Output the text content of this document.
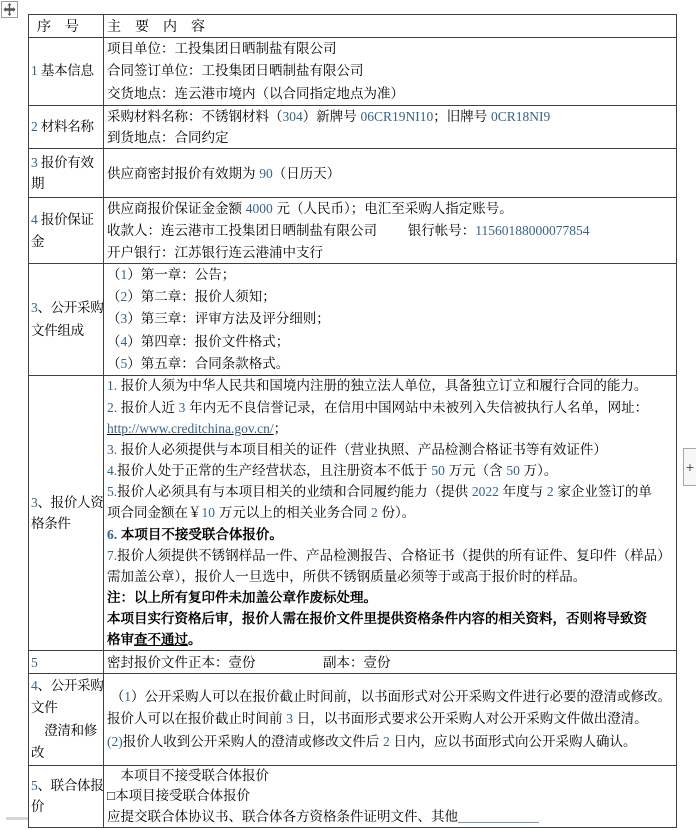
序　号	主　要　内　容
1 基本信息
项目单位：工投集团日晒制盐有限公司
合同签订单位：工投集团日晒制盐有限公司
交货地点：连云港市境内（以合同指定地点为准）
2 材料名称
采购材料名称：不锈钢材料（304）新牌号 06CR19NI10；旧牌号 0CR18NI9
到货地点：合同约定
3 报价有效
期
供应商密封报价有效期为 90（日历天）
4 报价保证
金
供应商报价保证金金额 4000 元（人民币）；电汇至采购人指定账号。
收款人：连云港市工投集团日晒制盐有限公司　　 银行帐号：11560188000077854
开户银行：江苏银行连云港浦中支行
3、公开采购
文件组成
（1）第一章：公告；
（2）第二章：报价人须知；
（3）第三章：评审方法及评分细则；
（4）第四章：报价文件格式；
（5）第五章：合同条款格式。
3、报价人资
格条件
1. 报价人须为中华人民共和国境内注册的独立法人单位，具备独立订立和履行合同的能力。
2. 报价人近 3 年内无不良信誉记录，在信用中国网站中未被列入失信被执行人名单，网址：
http://www.creditchina.gov.cn/；
3. 报价人必须提供与本项目相关的证件（营业执照、产品检测合格证书等有效证件）
4.报价人处于正常的生产经营状态，且注册资本不低于 50 万元（含 50 万）。
5.报价人必须具有与本项目相关的业绩和合同履约能力（提供 2022 年度与 2 家企业签订的单
项合同金额在￥10 万元以上的相关业务合同 2 份）。
6. 本项目不接受联合体报价。
7.报价人须提供不锈钢样品一件、产品检测报告、合格证书（提供的所有证件、复印件（样品）
需加盖公章），报价人一旦选中，所供不锈钢质量必须等于或高于报价时的样品。
注：以上所有复印件未加盖公章作废标处理。
本项目实行资格后审，报价人需在报价文件里提供资格条件内容的相关资料，否则将导致资
格审查不通过。
5	密封报价文件正本：壹份　　　　　副本：壹份
4、公开采购
文件
　澄清和修
改
（1）公开采购人可以在报价截止时间前，以书面形式对公开采购文件进行必要的澄清或修改。
报价人可以在报价截止时间前 3 日，以书面形式要求公开采购人对公开采购文件做出澄清。
(2)报价人收到公开采购人的澄清或修改文件后 2 日内，应以书面形式向公开采购人确认。
5、联合体报
价
　本项目不接受联合体报价
□本项目接受联合体报价
应提交联合体协议书、联合体各方资格条件证明文件、其他____________
+
